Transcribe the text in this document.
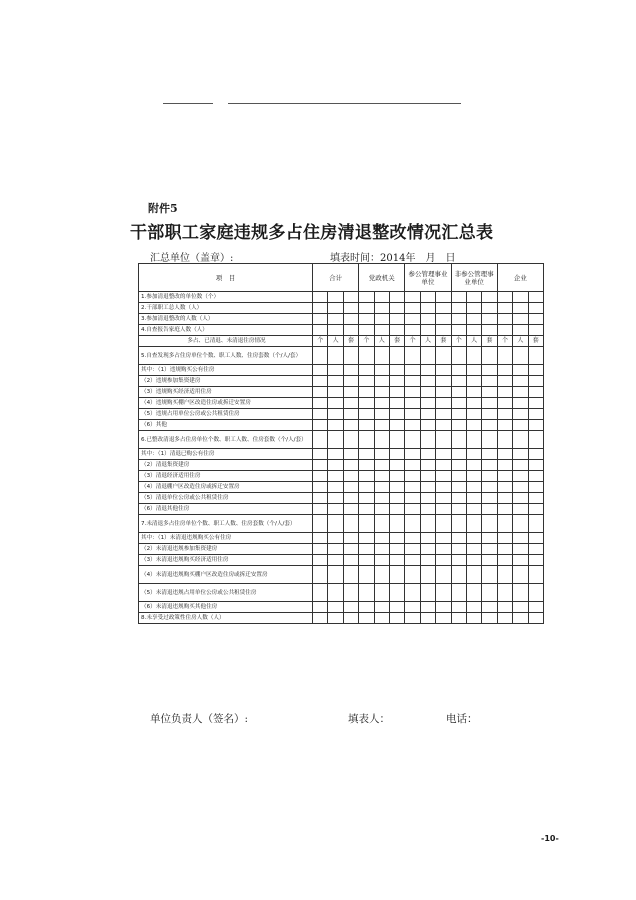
附件5
干部职工家庭违规多占住房清退整改情况汇总表
汇总单位（盖章）:	填表时间：2014年　月　日
项　目	合计			党政机关			参公管理事业单位			非参公管理事业单位			企业		
1.参加清退整改的单位数（个）															
2.干部职工总人数（人）															
3.参加清退整改的人数（人）															
4.自查报告家庭人数（人）															
多占、已清退、未清退住房情况	个	人	套	个	人	套	个	人	套	个	人	套	个	人	套
5.自查发现多占住房单位个数、职工人数、住房套数（个/人/套）															
其中：（1）违规购买公有住房															
（2）违规参加集资建房															
（3）违规购买经济适用住房															
（4）违规购买棚户区改造住房或拆迁安置房															
（5）违规占用单位公房或公共租赁住房															
（6）其他															
6.已整改清退多占住房单位个数、职工人数、住房套数（个/人/套）															
其中：（1）清退已购公有住房															
（2）清退集资建房															
（3）清退经济适用住房															
（4）清退棚户区改造住房或拆迁安置房															
（5）清退单位公房或公共租赁住房															
（6）清退其他住房															
7.未清退多占住房单位个数、职工人数、住房套数（个/人/套）															
其中：（1）未清退违规购买公有住房															
（2）未清退违规参加集资建房															
（3）未清退违规购买经济适用住房															
（4）未清退违规购买棚户区改造住房或拆迁安置房															
（5）未清退违规占用单位公房或公共租赁住房															
（6）未清退违规购买其他住房															
8.未享受过政策性住房人数（人）															
单位负责人（签名）:	填表人：	电话：
-10-
